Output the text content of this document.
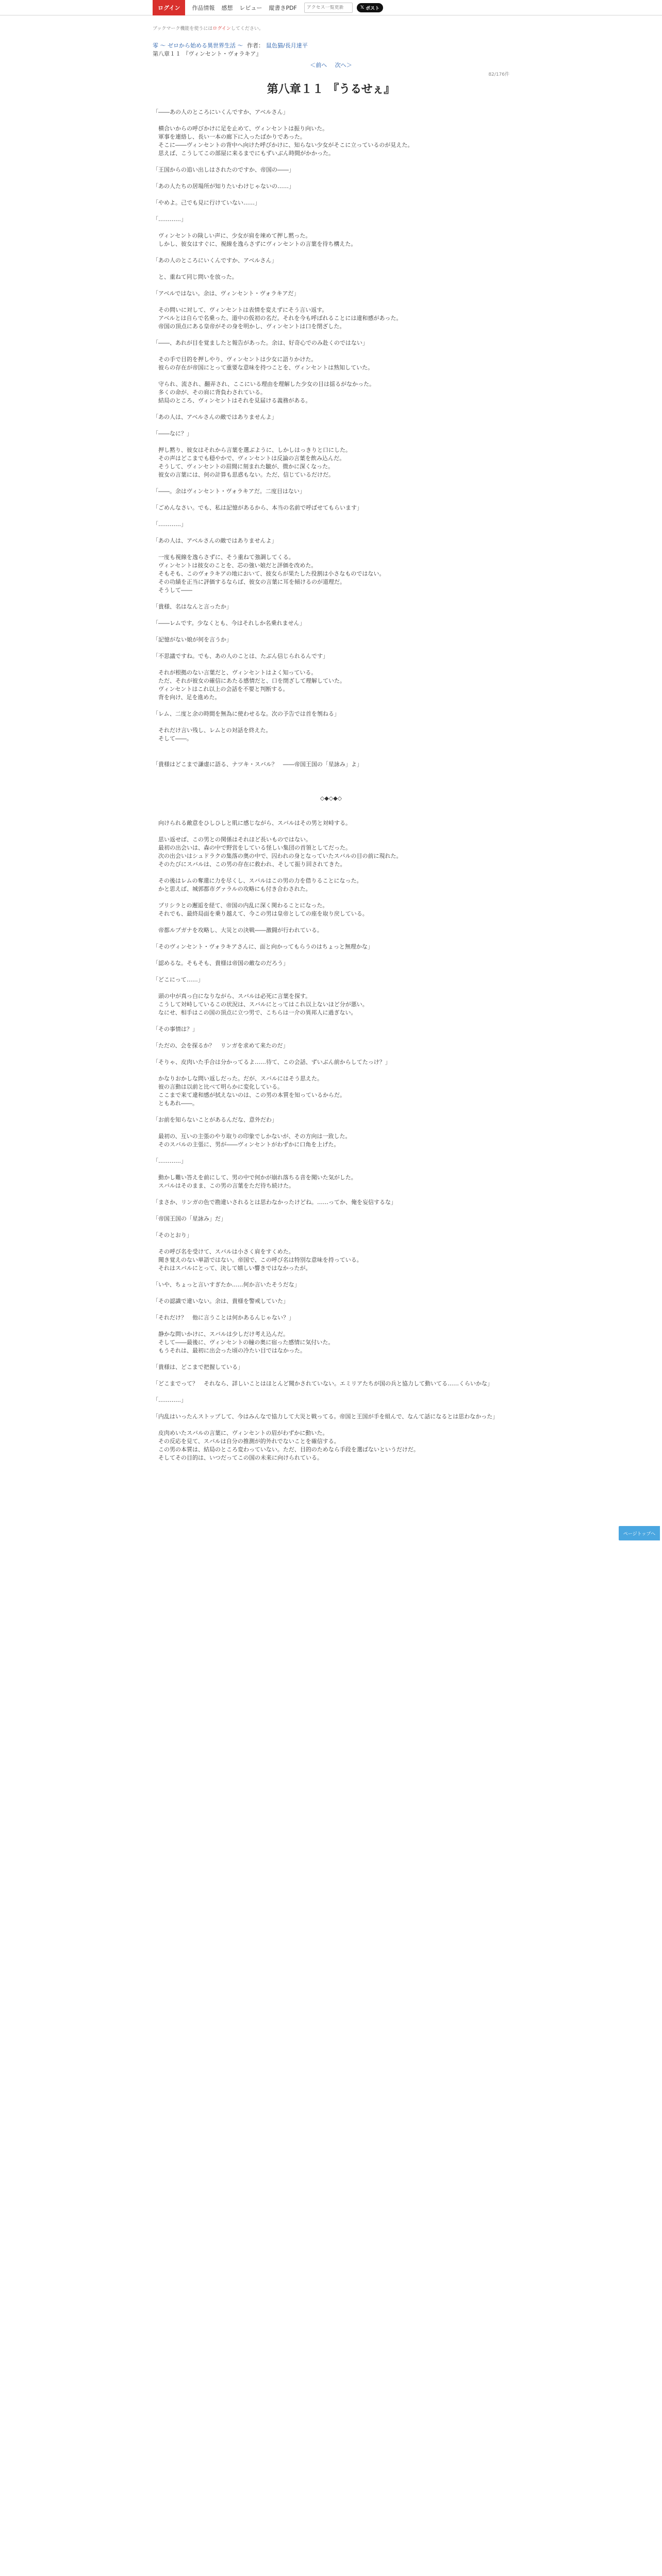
ログイン	作品情報 感想 レビュー 縦書きPDF
アクセス一覧更新	𝕏 ポスト
ブックマーク機能を使うにはログインしてください。
零 ～ ゼロから始める異世界生活 ～ 作者： 鼠色猫/長月達平
第八章１１ 『ヴィンセント・ヴォラキア』
＜前へ 次へ＞
82/176件
第八章１１ 『うるせぇ』

「――あの人のところにいくんですか、アベルさん」

　横合いからの呼びかけに足を止めて、ヴィンセントは振り向いた。

　軍事を連絡し、長い一本の廊下に入ったばかりであった。

　そこに――ヴィンセントの背中へ向けた呼びかけに、知らない少女がそこに立っているのが見えた。

　思えば、こうしてこの部屋に来るまでにもずいぶん時間がかかった。

「王国からの追い出しはされたのですか、帝国の――」

「あの人たちの居場所が知りたいわけじゃないの……」

「やめよ。己でも見に行けていない……」

「…………」

　ヴィンセントの険しい声に、少女が肩を竦めて押し黙った。

　しかし、彼女はすぐに、視線を逸らさずにヴィンセントの言葉を待ち構えた。

「あの人のところにいくんですか、アベルさん」

　と、重ねて同じ問いを放った。

「アベルではない。余は、ヴィンセント・ヴォラキアだ」

　その問いに対して、ヴィンセントは表情を変えずにそう言い返す。

　アベルとは自らで名乗った、道中の仮初の名だ。それを今も呼ばれることには違和感があった。

　帝国の頂点にある皇帝がその身を明かし、ヴィンセントは口を閉ざした。

「――、あれが目を覚ましたと報告があった。余は、好奇心でのみ赴くのではない」

　その手で目的を押しやり、ヴィンセントは少女に語りかけた。

　彼らの存在が帝国にとって重要な意味を持つことを、ヴィンセントは熟知していた。

　守られ、流され、翻弄され、ここにいる理由を理解した少女の目は揺るがなかった。

　多くの命が、その肩に背負わされている。

　結局のところ、ヴィンセントはそれを見届ける義務がある。

「あの人は、アベルさんの敵ではありませんよ」

「――なに？」

　押し黙り、彼女はそれから言葉を選ぶように、しかしはっきりと口にした。

　その声はどこまでも穏やかで、ヴィンセントは反論の言葉を飲み込んだ。

　そうして、ヴィンセントの眉間に刻まれた皺が、微かに深くなった。

　彼女の言葉には、何の計算も思惑もない。ただ、信じているだけだ。

「――。余はヴィンセント・ヴォラキアだ。二度目はない」

「ごめんなさい。でも、私は記憶があるから、本当の名前で呼ばせてもらいます」

「…………」

「あの人は、アベルさんの敵ではありませんよ」

　一度も視線を逸らさずに、そう重ねて強調してくる。

　ヴィンセントは彼女のことを、芯の強い娘だと評価を改めた。

　そもそも、このヴォラキアの地において、彼女らが果たした役割は小さなものではない。

　その功績を正当に評価するならば、彼女の言葉に耳を傾けるのが道理だ。

　そうして――

「貴様、名はなんと言ったか」

「――レムです。少なくとも、今はそれしか名乗れません」

「記憶がない娘が何を言うか」

「不思議ですね。でも、あの人のことは、たぶん信じられるんです」

　それが根拠のない言葉だと、ヴィンセントはよく知っている。

　ただ、それが彼女の確信にあたる感情だと、口を閉ざして理解していた。

　ヴィンセントはこれ以上の会話を不要と判断する。

　背を向け、足を進めた。

「レム、二度と余の時間を無為に使わせるな。次の予告では首を刎ねる」

　それだけ言い残し、レムとの対話を終えた。

　そして――。

「貴様はどこまで謙虚に語る、ナツキ・スバル？　――帝国王国の「星詠み」よ」

◇◆◇◆◇

　向けられる敵意をひしひしと肌に感じながら、スバルはその男と対峙する。

　思い返せば、この男との関係はそれほど長いものではない。

　最初の出会いは、森の中で野営をしている怪しい集団の首領としてだった。

　次の出会いはシュドラクの集落の奥の中で、囚われの身となっていたスバルの目の前に現れた。

　そのたびにスバルは、この男の存在に救われ、そして振り回されてきた。

　その後はレムの奪還に力を尽くし、スバルはこの男の力を借りることになった。

　かと思えば、城郭都市グァラルの攻略にも付き合わされた。

　プリシラとの邂逅を経て、帝国の内乱に深く関わることになった。

　それでも、最終局面を乗り越えて、今この男は皇帝としての座を取り戻している。

　帝都ルプガナを攻略し、大災との決戦――激闘が行われている。

「そのヴィンセント・ヴォラキアさんに、面と向かってもらうのはちょっと無理かな」

「認めるな。そもそも、貴様は帝国の敵なのだろう」

「どこにって……」

　頭の中が真っ白になりながら、スバルは必死に言葉を探す。

　こうして対峙しているこの状況は、スバルにとってはこれ以上ないほど分が悪い。

　なにせ、相手はこの国の頂点に立つ男で、こちらは一介の異邦人に過ぎない。

「その事情は？」

「ただの、会を探るか？　リンガを求めて来たのだ」

「そりゃ、皮肉いた手合は分かってるよ……待て、この会話、ずいぶん前からしてたっけ？」

　かなりおかしな問い返しだった。だが、スバルにはそう思えた。

　彼の言動は以前と比べて明らかに変化している。

　ここまで来て違和感が拭えないのは、この男の本質を知っているからだ。

　ともあれ――。

「お前を知らないことがあるんだな、意外だわ」

　最初の、互いの主張のやり取りの印象でしかないが、その方向は一致した。

　そのスバルの主張に、男が――ヴィンセントがわずかに口角を上げた。

「…………」

　動かし難い答えを前にして、男の中で何かが崩れ落ちる音を聞いた気がした。

　スバルはそのまま、この男の言葉をただ待ち続けた。

「まさか、リンガの色で勘違いされるとは思わなかったけどね。……ってか、俺を妄信するな」

「帝国王国の「星詠み」だ」

「そのとおり」

　その呼び名を受けて、スバルは小さく肩をすくめた。

　聞き覚えのない単語ではない。帝国で、この呼び名は特別な意味を持っている。

　それはスバルにとって、決して嬉しい響きではなかったが。

「いや、ちょっと言いすぎたか……何か言いたそうだな」

「その認識で違いない。余は、貴様を警戒していた」

「それだけ？　他に言うことは何かあるんじゃない？」

　静かな問いかけに、スバルは少しだけ考え込んだ。

　そして――最後に、ヴィンセントの瞳の奥に宿った感情に気付いた。

　もうそれは、最初に出会った頃の冷たい目ではなかった。

「貴様は、どこまで把握している」

「どこまでって？　それなら、詳しいことはほとんど聞かされていない。エミリアたちが国の兵と協力して動いてる……くらいかな」

「…………」

「内乱はいったんストップして、今はみんなで協力して大災と戦ってる。帝国と王国が手を組んで、なんて話になるとは思わなかった」

　皮肉めいたスバルの言葉に、ヴィンセントの眉がわずかに動いた。

　その反応を見て、スバルは自分の推測が的外れでないことを確信する。

　この男の本質は、結局のところ変わっていない。ただ、目的のためなら手段を選ばないというだけだ。

　そしてその目的は、いつだってこの国の未来に向けられている。

ページトップへ
